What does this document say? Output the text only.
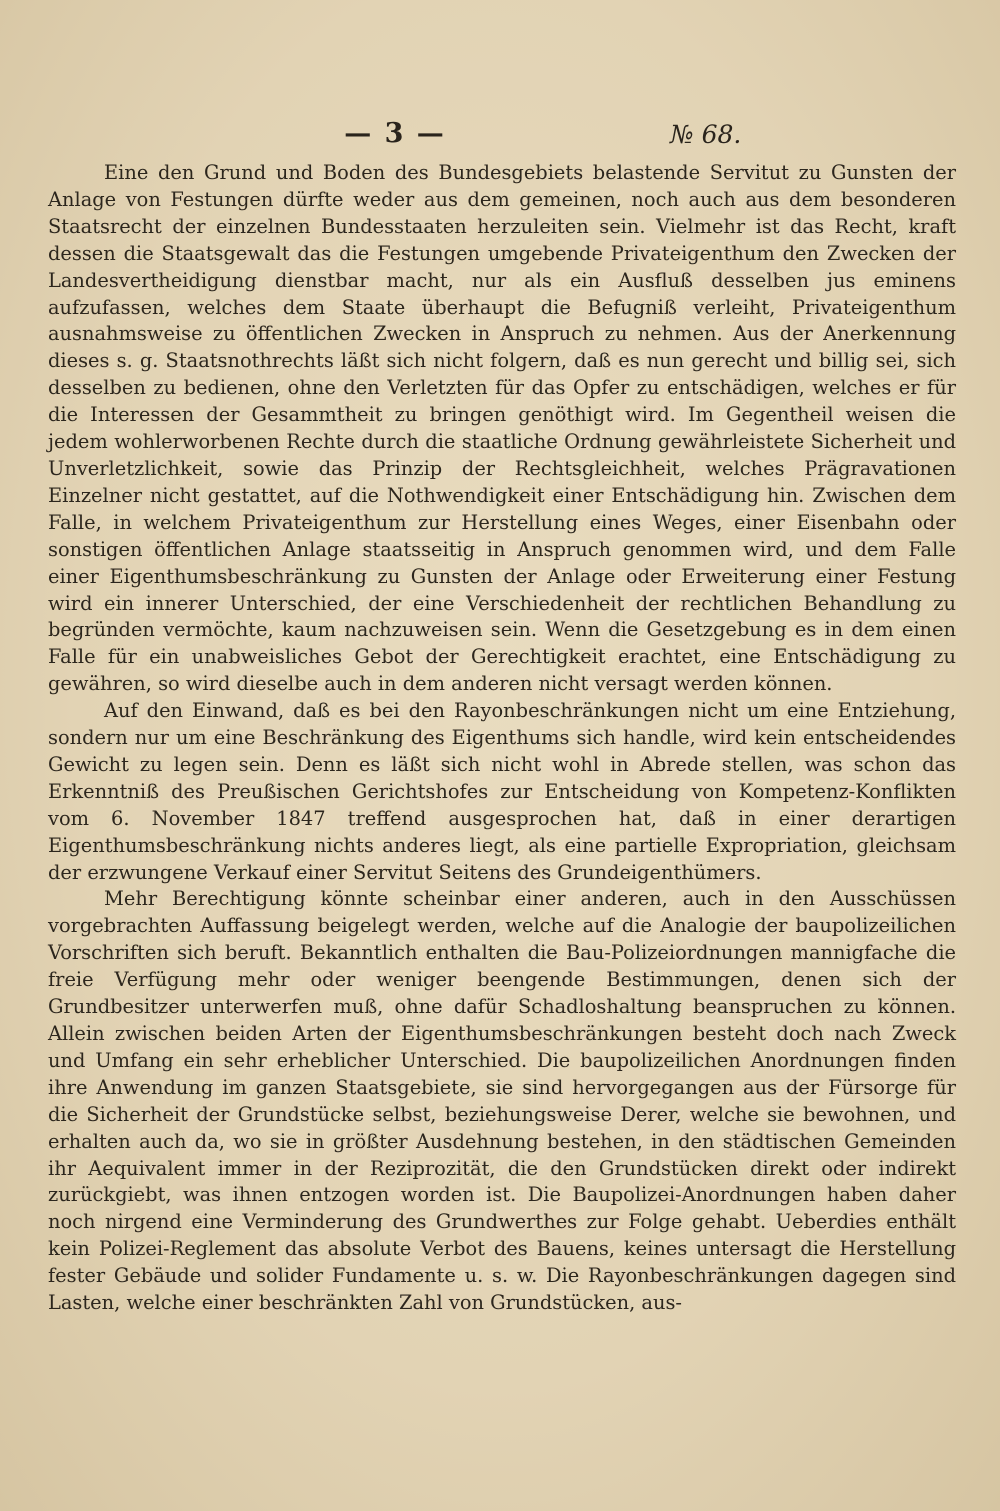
— 3 —	№ 68.

Eine den Grund und Boden des Bundesgebiets belastende Servitut zu Gunsten der Anlage von Festungen dürfte weder aus dem gemeinen, noch auch aus dem besonderen Staatsrecht der einzelnen Bundesstaaten herzuleiten sein. Vielmehr ist das Recht, kraft dessen die Staatsgewalt das die Festungen umgebende Privateigenthum den Zwecken der Landesvertheidigung dienstbar macht, nur als ein Ausfluß desselben jus eminens aufzufassen, welches dem Staate überhaupt die Befugniß verleiht, Privateigenthum ausnahmsweise zu öffentlichen Zwecken in Anspruch zu nehmen. Aus der Anerkennung dieses s. g. Staatsnothrechts läßt sich nicht folgern, daß es nun gerecht und billig sei, sich desselben zu bedienen, ohne den Verletzten für das Opfer zu entschädigen, welches er für die Interessen der Gesammtheit zu bringen genöthigt wird. Im Gegentheil weisen die jedem wohlerworbenen Rechte durch die staatliche Ordnung gewährleistete Sicherheit und Unverletzlichkeit, sowie das Prinzip der Rechtsgleichheit, welches Prägravationen Einzelner nicht gestattet, auf die Nothwendigkeit einer Entschädigung hin. Zwischen dem Falle, in welchem Privateigenthum zur Herstellung eines Weges, einer Eisenbahn oder sonstigen öffentlichen Anlage staatsseitig in Anspruch genommen wird, und dem Falle einer Eigenthumsbeschränkung zu Gunsten der Anlage oder Erweiterung einer Festung wird ein innerer Unterschied, der eine Verschiedenheit der rechtlichen Behandlung zu begründen vermöchte, kaum nachzuweisen sein. Wenn die Gesetzgebung es in dem einen Falle für ein unabweisliches Gebot der Gerechtigkeit erachtet, eine Entschädigung zu gewähren, so wird dieselbe auch in dem anderen nicht versagt werden können.

Auf den Einwand, daß es bei den Rayonbeschränkungen nicht um eine Entziehung, sondern nur um eine Beschränkung des Eigenthums sich handle, wird kein entscheidendes Gewicht zu legen sein. Denn es läßt sich nicht wohl in Abrede stellen, was schon das Erkenntniß des Preußischen Gerichtshofes zur Entscheidung von Kompetenz-Konflikten vom 6. November 1847 treffend ausgesprochen hat, daß in einer derartigen Eigenthumsbeschränkung nichts anderes liegt, als eine partielle Expropriation, gleichsam der erzwungene Verkauf einer Servitut Seitens des Grundeigenthümers.

Mehr Berechtigung könnte scheinbar einer anderen, auch in den Ausschüssen vorgebrachten Auffassung beigelegt werden, welche auf die Analogie der baupolizeilichen Vorschriften sich beruft. Bekanntlich enthalten die Bau-Polizeiordnungen mannigfache die freie Verfügung mehr oder weniger beengende Bestimmungen, denen sich der Grundbesitzer unterwerfen muß, ohne dafür Schadloshaltung beanspruchen zu können. Allein zwischen beiden Arten der Eigenthumsbeschränkungen besteht doch nach Zweck und Umfang ein sehr erheblicher Unterschied. Die baupolizeilichen Anordnungen finden ihre Anwendung im ganzen Staatsgebiete, sie sind hervorgegangen aus der Fürsorge für die Sicherheit der Grundstücke selbst, beziehungsweise Derer, welche sie bewohnen, und erhalten auch da, wo sie in größter Ausdehnung bestehen, in den städtischen Gemeinden ihr Aequivalent immer in der Reziprozität, die den Grundstücken direkt oder indirekt zurückgiebt, was ihnen entzogen worden ist. Die Baupolizei-Anordnungen haben daher noch nirgend eine Verminderung des Grundwerthes zur Folge gehabt. Ueberdies enthält kein Polizei-Reglement das absolute Verbot des Bauens, keines untersagt die Herstellung fester Gebäude und solider Fundamente u. s. w. Die Rayonbeschränkungen dagegen sind Lasten, welche einer beschränkten Zahl von Grundstücken, aus-
